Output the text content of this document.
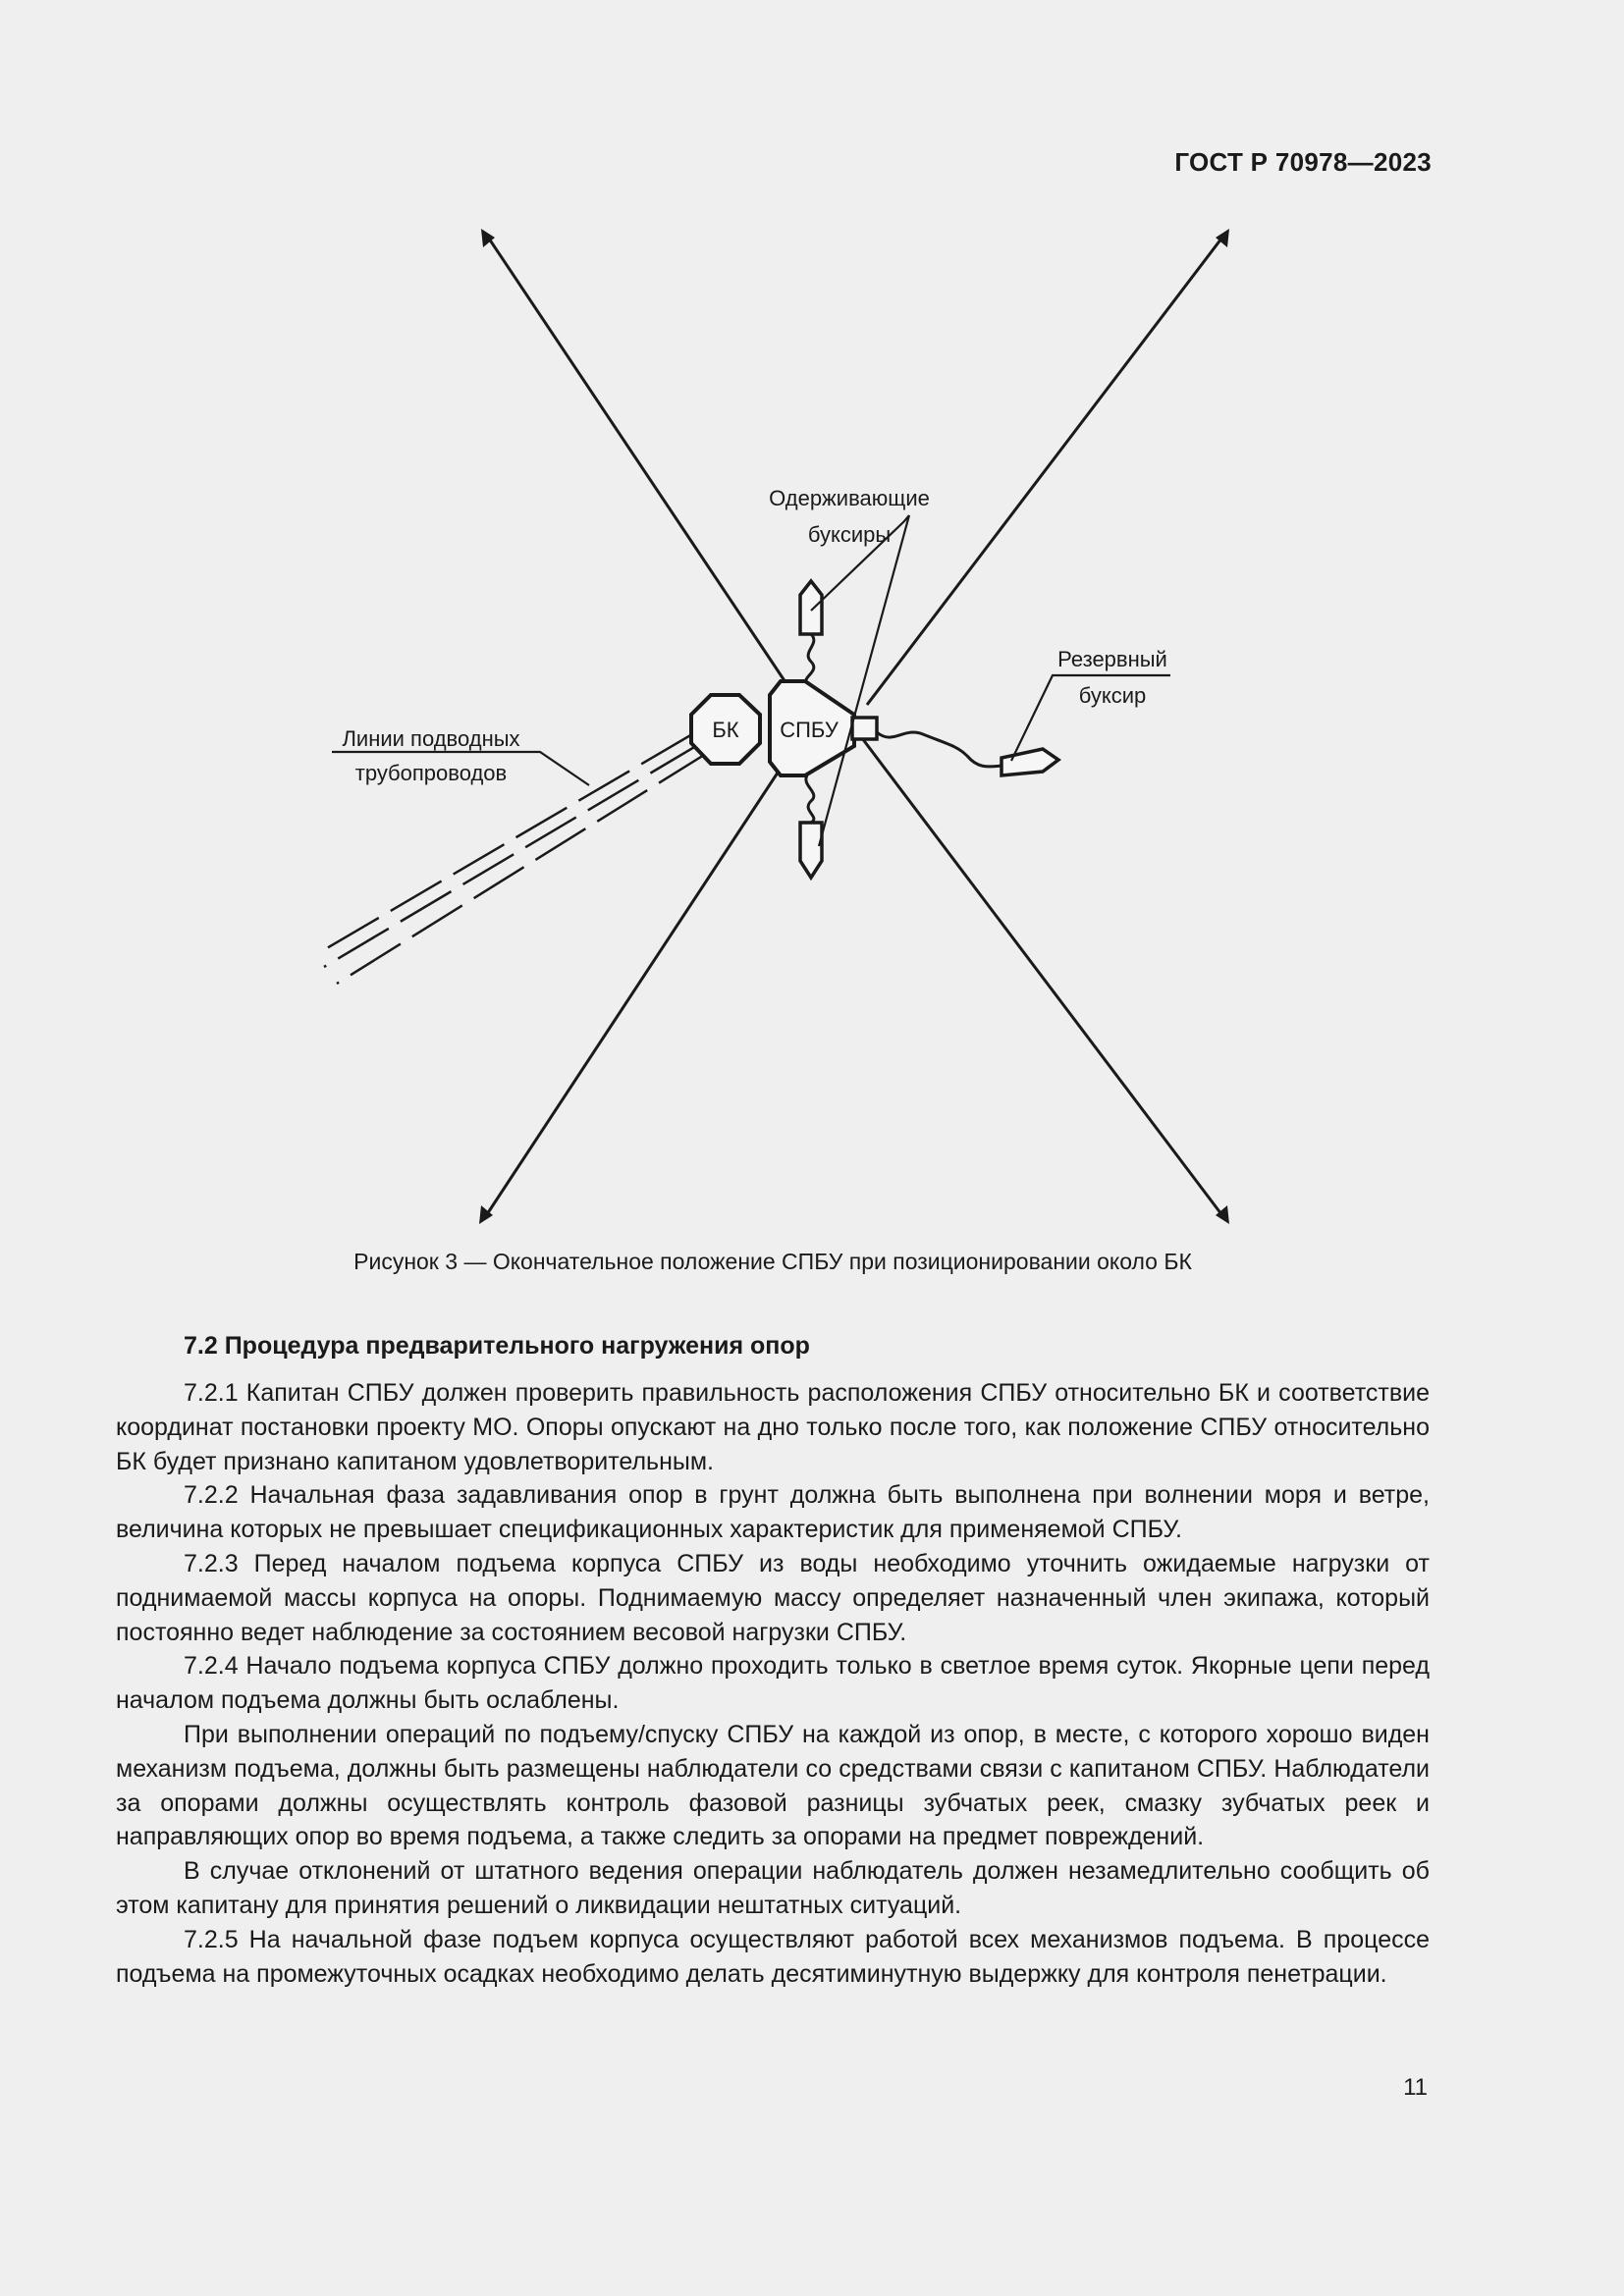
ГОСТ Р 70978—2023
БК СПБУ
Одерживающие
буксиры
Резервный
буксир
Линии подводных
трубопроводов
Рисунок 3 — Окончательное положение СПБУ при позиционировании около БК
7.2 Процедура предварительного нагружения опор

7.2.1 Капитан СПБУ должен проверить правильность расположения СПБУ относительно БК и соответствие координат постановки проекту МО. Опоры опускают на дно только после того, как положение СПБУ относительно БК будет признано капитаном удовлетворительным.

7.2.2 Начальная фаза задавливания опор в грунт должна быть выполнена при волнении моря и ветре, величина которых не превышает спецификационных характеристик для применяемой СПБУ.

7.2.3 Перед началом подъема корпуса СПБУ из воды необходимо уточнить ожидаемые нагрузки от поднимаемой массы корпуса на опоры. Поднимаемую массу определяет назначенный член экипажа, который постоянно ведет наблюдение за состоянием весовой нагрузки СПБУ.

7.2.4 Начало подъема корпуса СПБУ должно проходить только в светлое время суток. Якорные цепи перед началом подъема должны быть ослаблены.

При выполнении операций по подъему/спуску СПБУ на каждой из опор, в месте, с которого хорошо виден механизм подъема, должны быть размещены наблюдатели со средствами связи с капитаном СПБУ. Наблюдатели за опорами должны осуществлять контроль фазовой разницы зубчатых реек, смазку зубчатых реек и направляющих опор во время подъема, а также следить за опорами на предмет повреждений.

В случае отклонений от штатного ведения операции наблюдатель должен незамедлительно сообщить об этом капитану для принятия решений о ликвидации нештатных ситуаций.

7.2.5 На начальной фазе подъем корпуса осуществляют работой всех механизмов подъема. В процессе подъема на промежуточных осадках необходимо делать десятиминутную выдержку для контроля пенетрации.

11
